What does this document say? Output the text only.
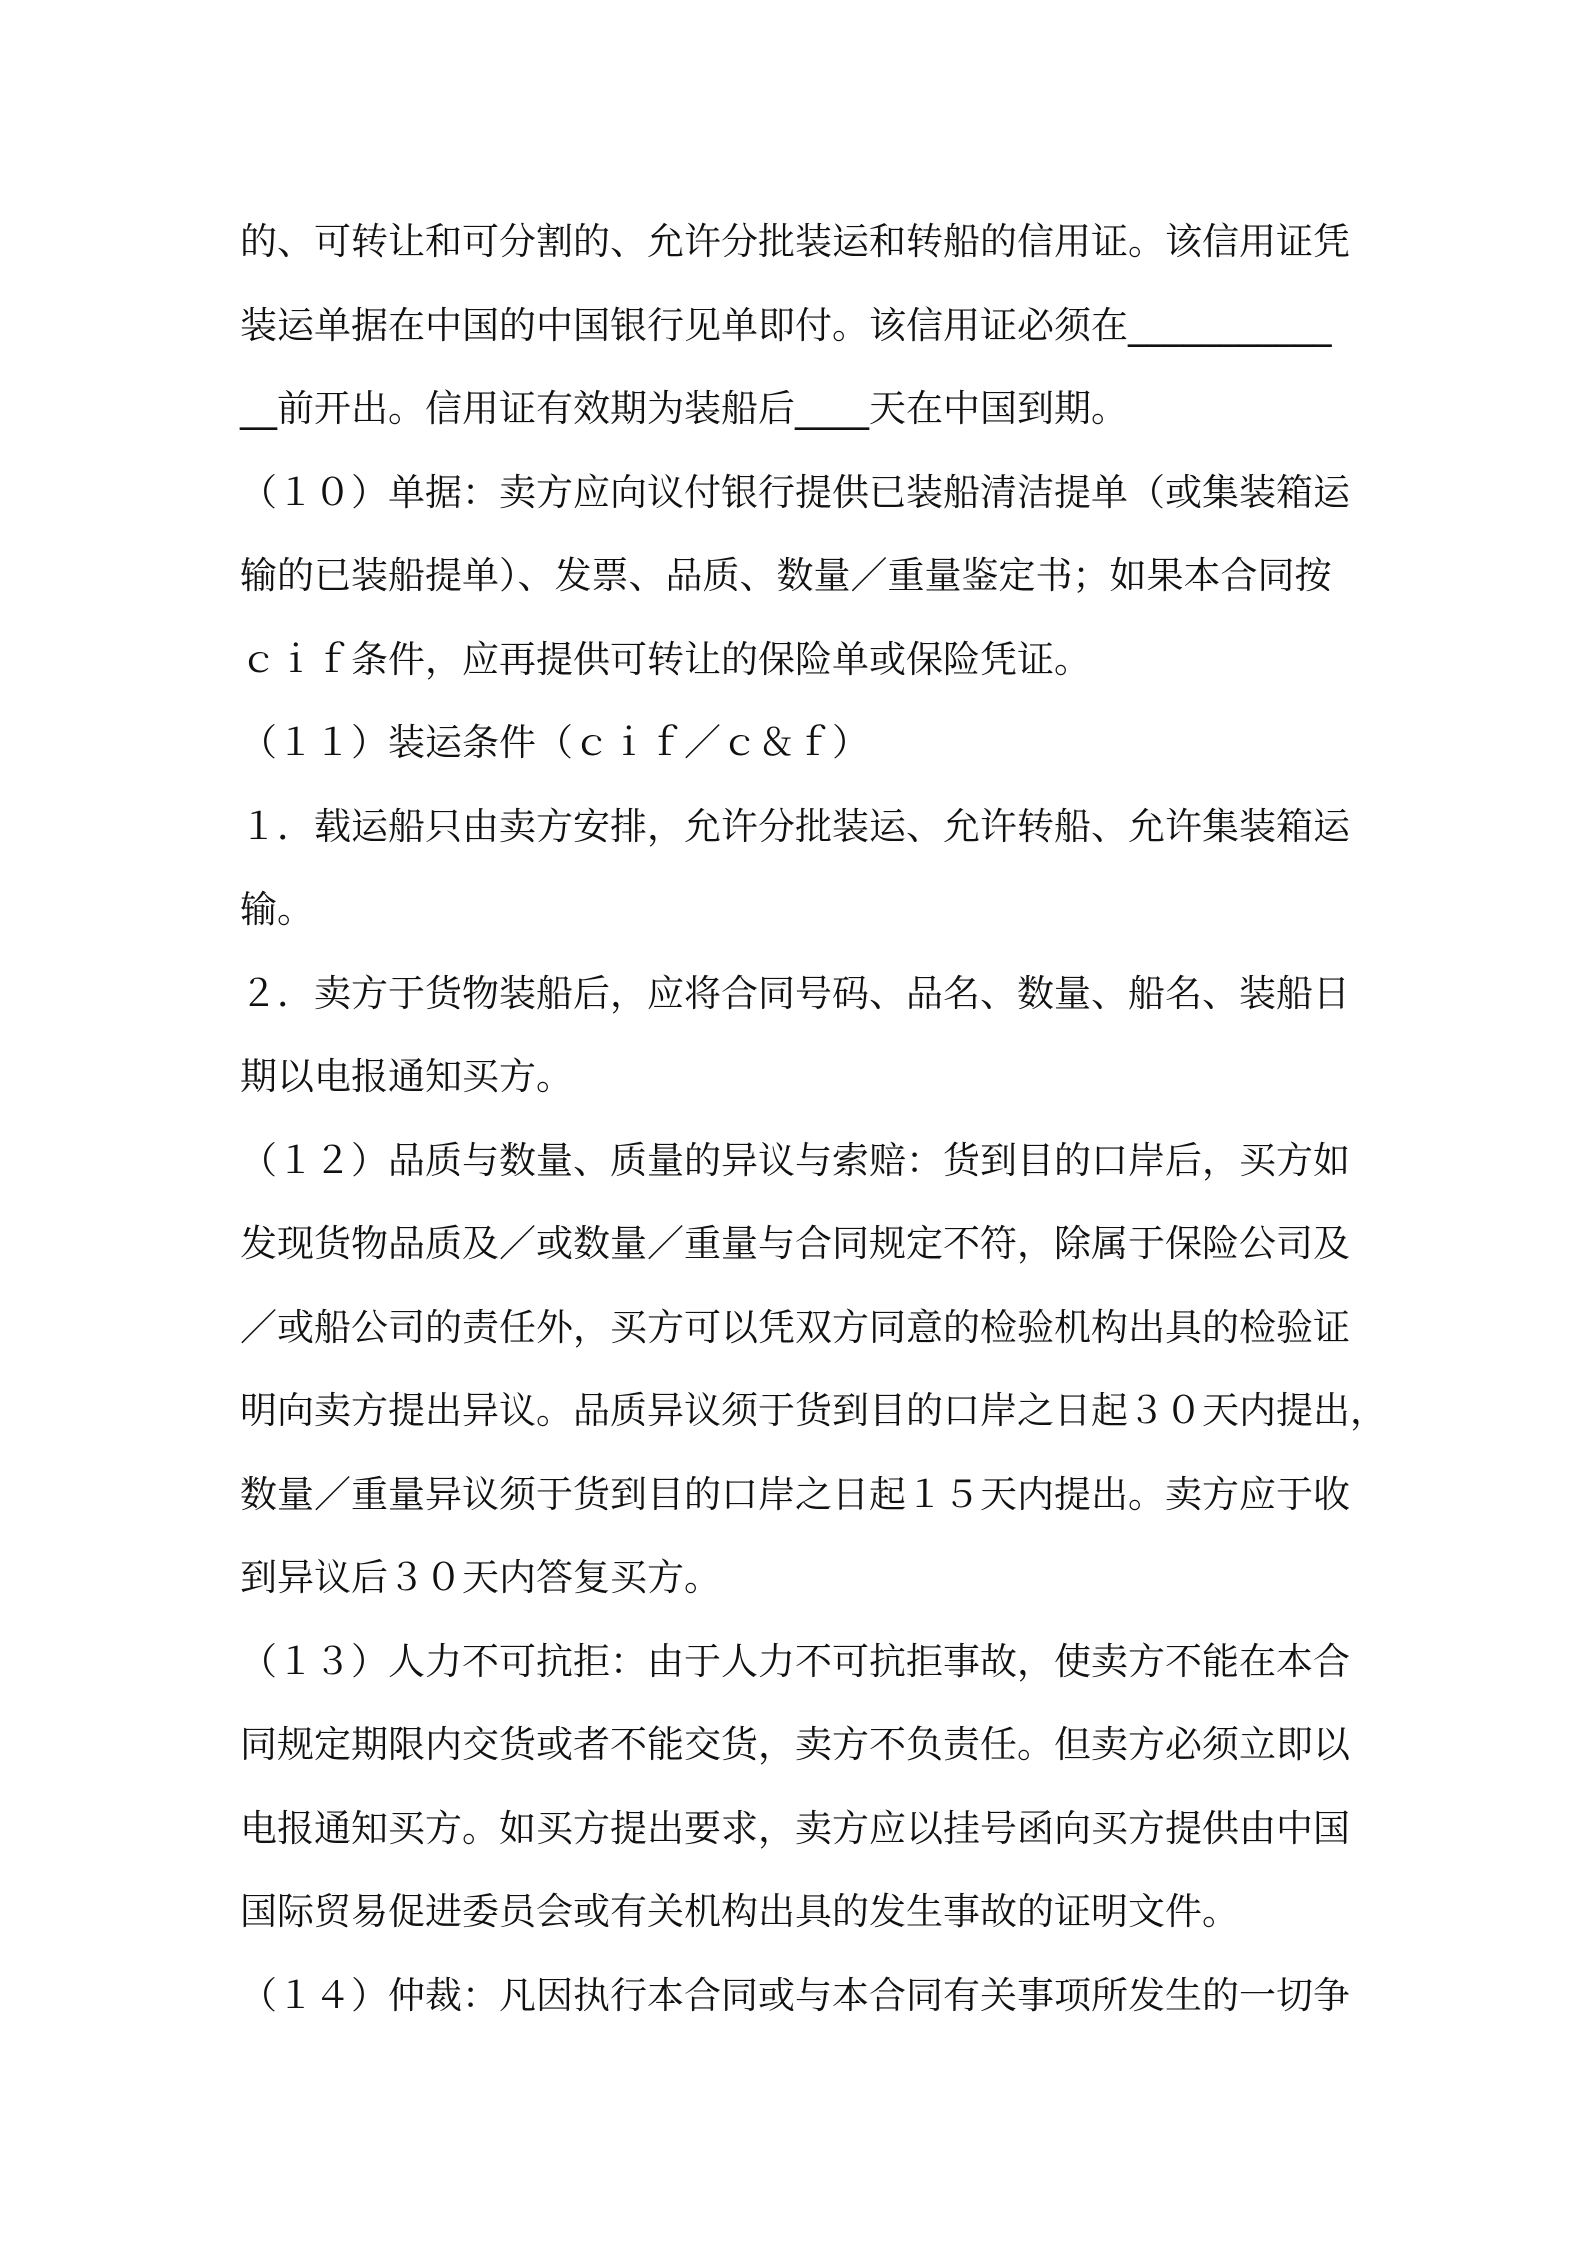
的、可转让和可分割的、允许分批装运和转船的信用证。该信用证凭
装运单据在中国的中国银行见单即付。该信用证必须在___________
__前开出。信用证有效期为装船后____天在中国到期。
（１０）单据：卖方应向议付银行提供已装船清洁提单（或集装箱运
输的已装船提单）、发票、品质、数量／重量鉴定书；如果本合同按
ｃｉｆ条件，应再提供可转让的保险单或保险凭证。
（１１）装运条件（ｃｉｆ／ｃ＆ｆ）
１．载运船只由卖方安排，允许分批装运、允许转船、允许集装箱运
输。
２．卖方于货物装船后，应将合同号码、品名、数量、船名、装船日
期以电报通知买方。
（１２）品质与数量、质量的异议与索赔：货到目的口岸后，买方如
发现货物品质及／或数量／重量与合同规定不符，除属于保险公司及
／或船公司的责任外，买方可以凭双方同意的检验机构出具的检验证
明向卖方提出异议。品质异议须于货到目的口岸之日起３０天内提出，
数量／重量异议须于货到目的口岸之日起１５天内提出。卖方应于收
到异议后３０天内答复买方。
（１３）人力不可抗拒：由于人力不可抗拒事故，使卖方不能在本合
同规定期限内交货或者不能交货，卖方不负责任。但卖方必须立即以
电报通知买方。如买方提出要求，卖方应以挂号函向买方提供由中国
国际贸易促进委员会或有关机构出具的发生事故的证明文件。
（１４）仲裁：凡因执行本合同或与本合同有关事项所发生的一切争
